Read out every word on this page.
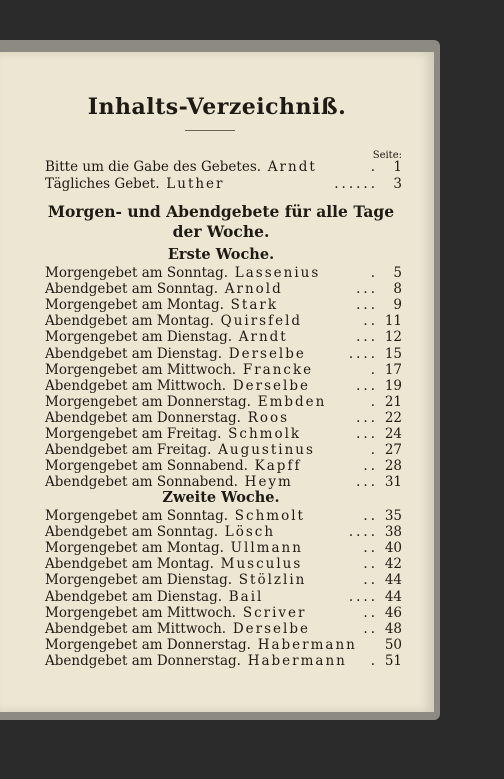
Inhalts-Verzeichniß.
Seite:
Bitte um die Gabe des Gebetes.  Arndt	.	1
Tägliches Gebet.  Luther	......	3
Morgen- und Abendgebete für alle Tage
der Woche.
Erste Woche.
Morgengebet am Sonntag.  Lassenius	.	5
Abendgebet am Sonntag.  Arnold	...	8
Morgengebet am Montag.  Stark	...	9
Abendgebet am Montag.  Quirsfeld	.. 11
Morgengebet am Dienstag.  Arndt	... 12
Abendgebet am Dienstag.  Derselbe	.... 15
Morgengebet am Mittwoch.  Francke	. 17
Abendgebet am Mittwoch.  Derselbe	... 19
Morgengebet am Donnerstag.  Embden	. 21
Abendgebet am Donnerstag.  Roos	... 22
Morgengebet am Freitag.  Schmolk	... 24
Abendgebet am Freitag.  Augustinus	. 27
Morgengebet am Sonnabend.  Kapff	.. 28
Abendgebet am Sonnabend.  Heym	... 31
Zweite Woche.
Morgengebet am Sonntag.  Schmolt	.. 35
Abendgebet am Sonntag.  Lösch	.... 38
Morgengebet am Montag.  Ullmann	.. 40
Abendgebet am Montag.  Musculus	.. 42
Morgengebet am Dienstag.  Stölzlin	.. 44
Abendgebet am Dienstag.  Bail	.... 44
Morgengebet am Mittwoch.  Scriver	.. 46
Abendgebet am Mittwoch.  Derselbe	.. 48
Morgengebet am Donnerstag.  Habermann	50
Abendgebet am Donnerstag.  Habermann . 51
